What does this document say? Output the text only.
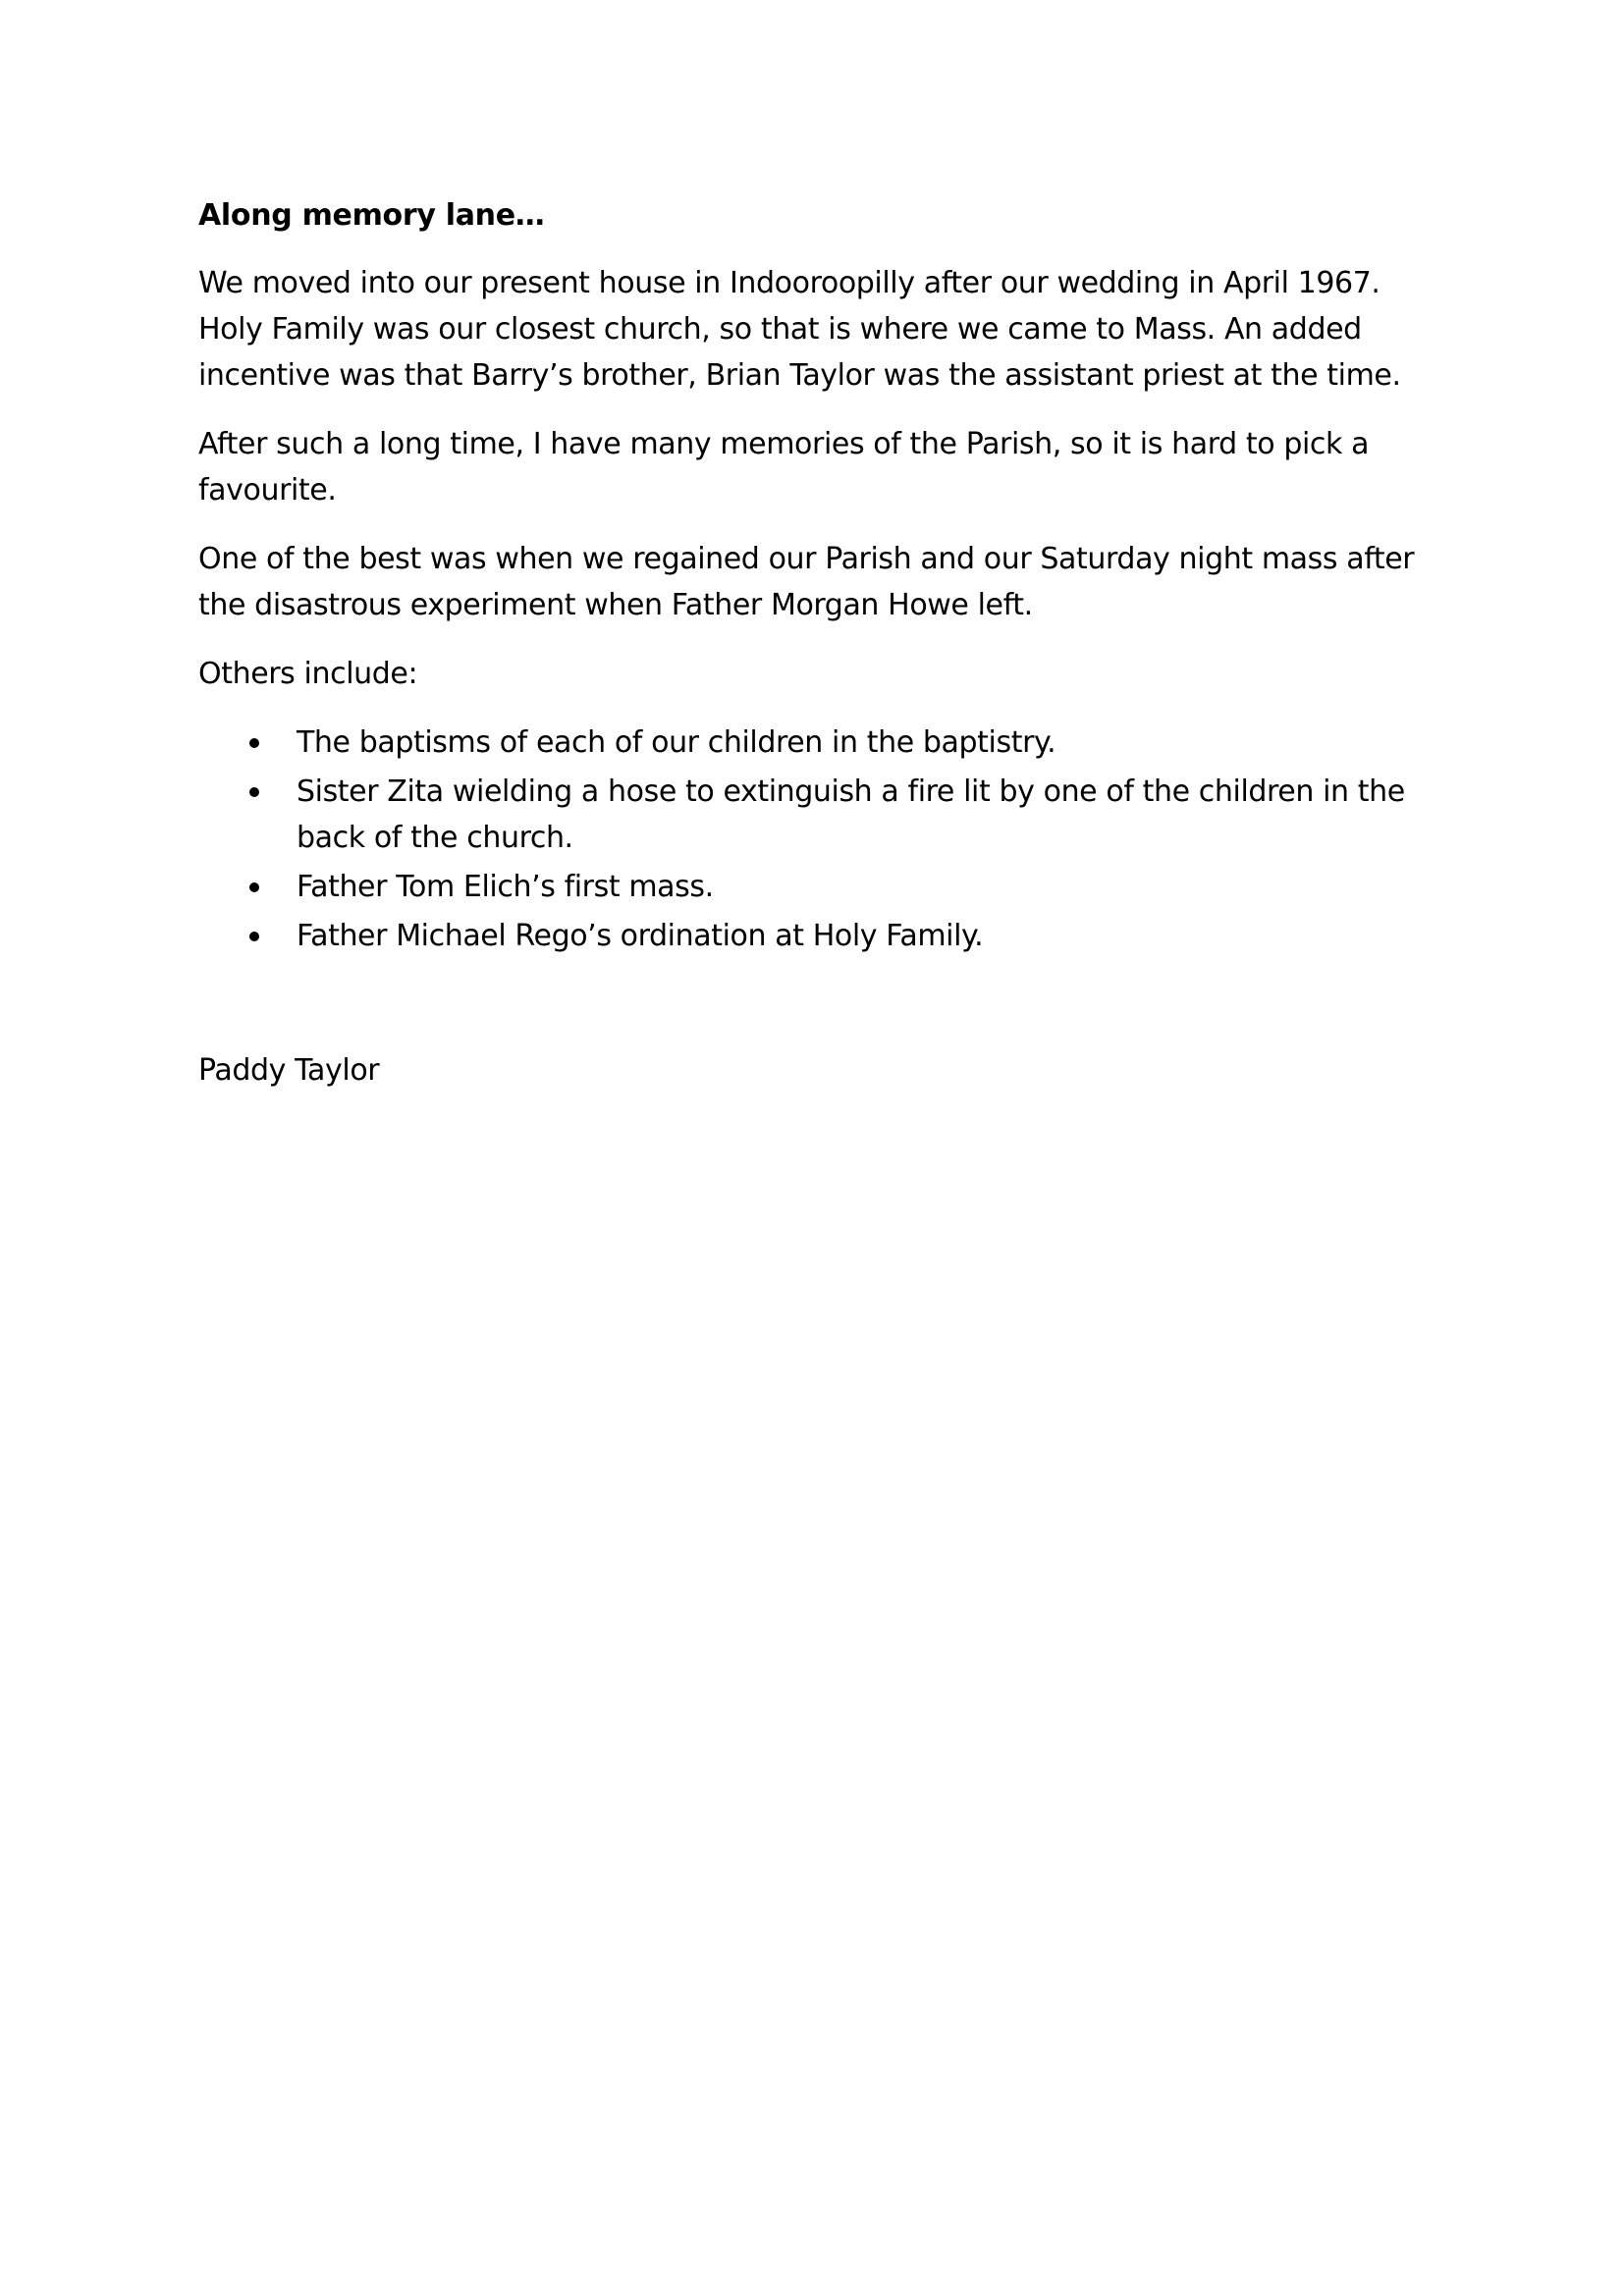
Along memory lane…

We moved into our present house in Indooroopilly after our wedding in April 1967. Holy Family was our closest church, so that is where we came to Mass. An added incentive was that Barry’s brother, Brian Taylor was the assistant priest at the time.

After such a long time, I have many memories of the Parish, so it is hard to pick a favourite.

One of the best was when we regained our Parish and our Saturday night mass after the disastrous experiment when Father Morgan Howe left.

Others include:

The baptisms of each of our children in the baptistry.
Sister Zita wielding a hose to extinguish a fire lit by one of the children in the back of the church.
Father Tom Elich’s first mass.
Father Michael Rego’s ordination at Holy Family.
Paddy Taylor
